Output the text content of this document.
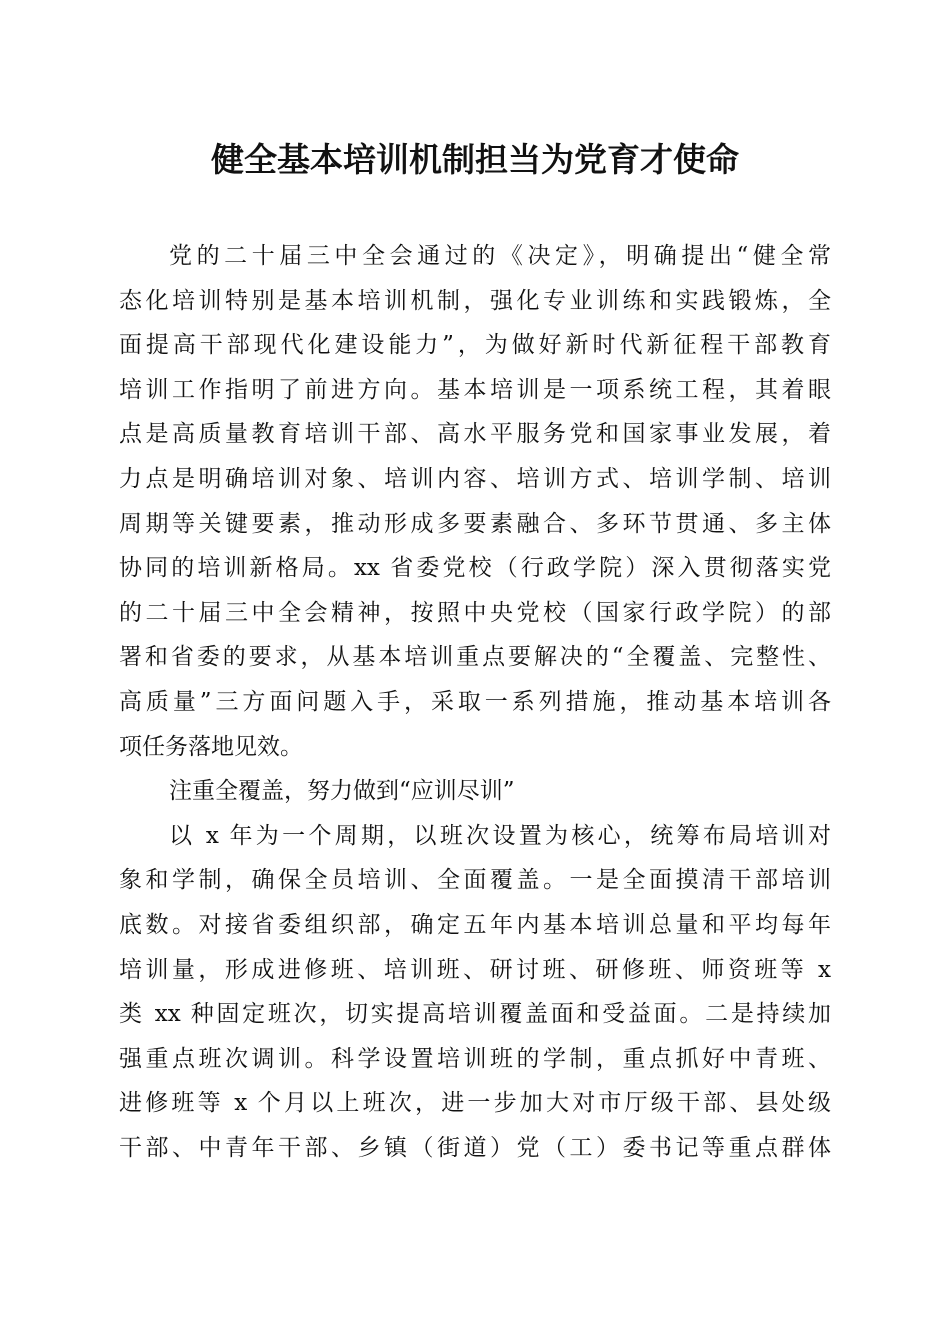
健全基本培训机制担当为党育才使命
党的二十届三中全会通过的《决定》，明确提出“健全常
态化培训特别是基本培训机制，强化专业训练和实践锻炼，全
面提高干部现代化建设能力”，为做好新时代新征程干部教育
培训工作指明了前进方向。基本培训是一项系统工程，其着眼
点是高质量教育培训干部、高水平服务党和国家事业发展，着
力点是明确培训对象、培训内容、培训方式、培训学制、培训
周期等关键要素，推动形成多要素融合、多环节贯通、多主体
协同的培训新格局。xx 省委党校（行政学院）深入贯彻落实党
的二十届三中全会精神，按照中央党校（国家行政学院）的部
署和省委的要求，从基本培训重点要解决的“全覆盖、完整性、
高质量”三方面问题入手，采取一系列措施，推动基本培训各
项任务落地见效。
注重全覆盖，努力做到“应训尽训”
以 x 年为一个周期，以班次设置为核心，统筹布局培训对
象和学制，确保全员培训、全面覆盖。一是全面摸清干部培训
底数。对接省委组织部，确定五年内基本培训总量和平均每年
培训量，形成进修班、培训班、研讨班、研修班、师资班等 x
类 xx 种固定班次，切实提高培训覆盖面和受益面。二是持续加
强重点班次调训。科学设置培训班的学制，重点抓好中青班、
进修班等 x 个月以上班次，进一步加大对市厅级干部、县处级
干部、中青年干部、乡镇（街道）党（工）委书记等重点群体
